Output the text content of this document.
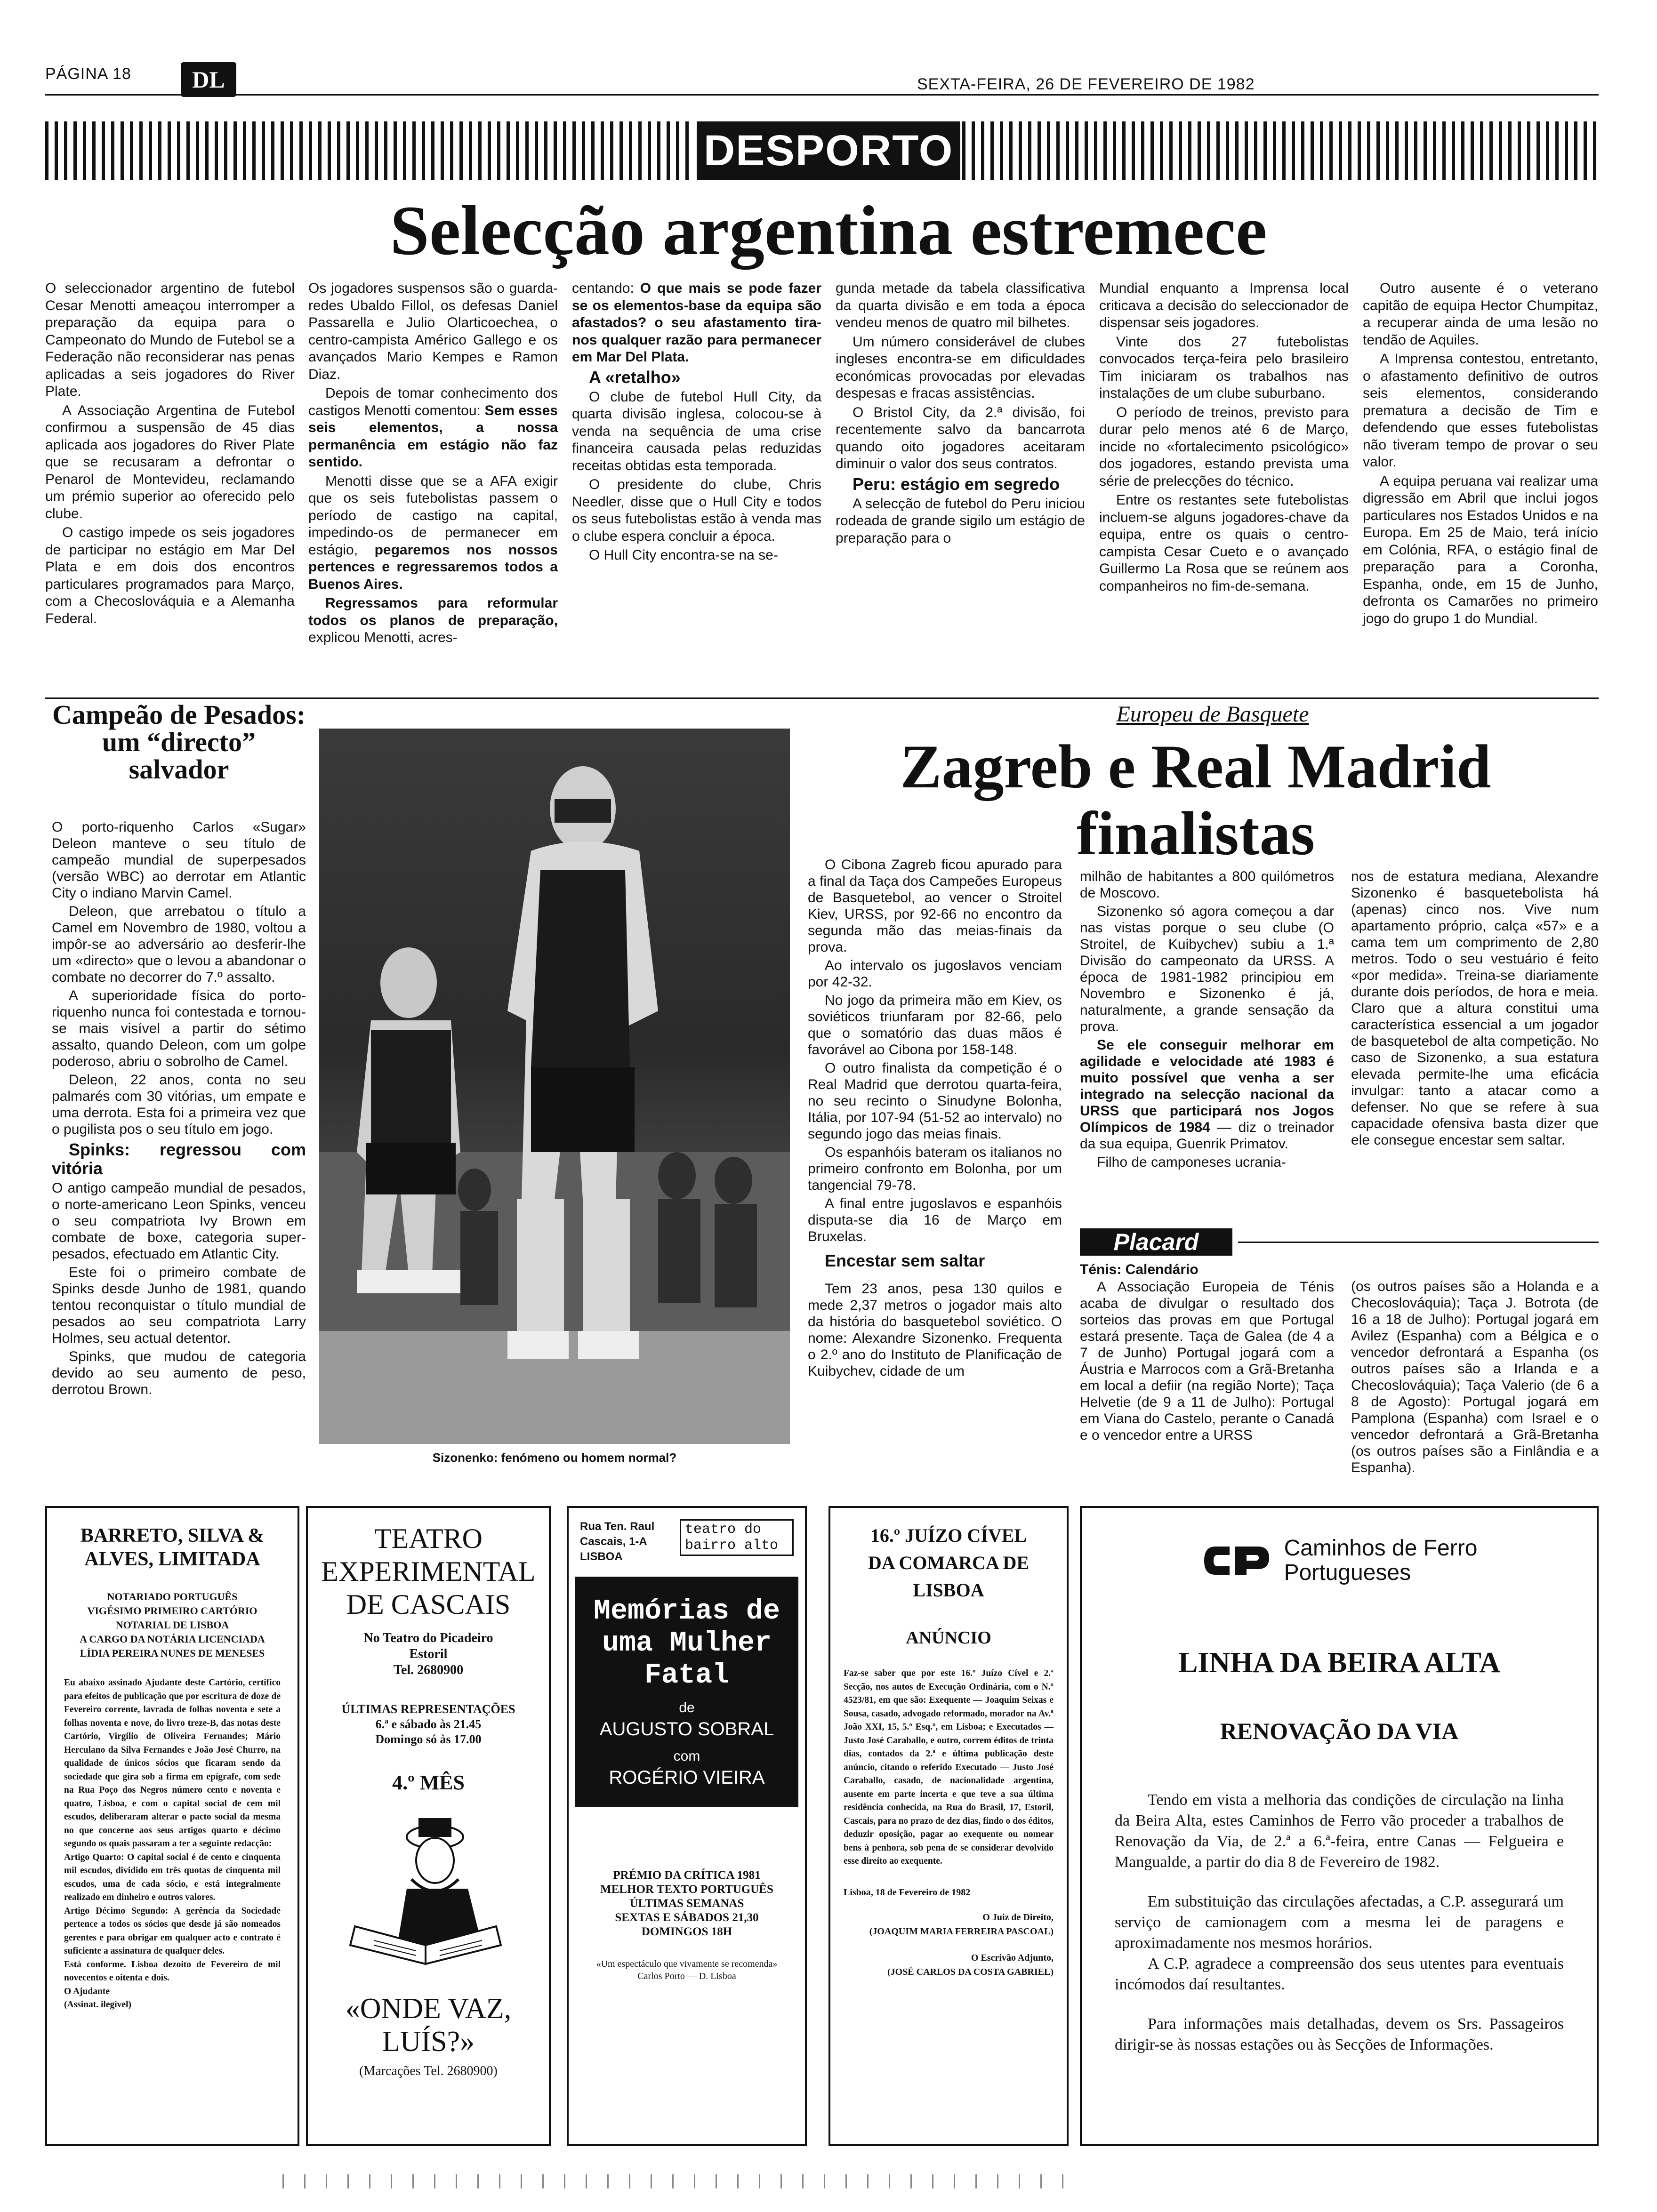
PÁGINA 18	DL	SEXTA-FEIRA, 26 DE FEVEREIRO DE 1982
DESPORTO
Selecção argentina estremece

O seleccionador argentino de futebol Cesar Menotti ameaçou interromper a preparação da equipa para o Campeonato do Mundo de Futebol se a Federação não reconsiderar nas penas aplicadas a seis jogadores do River Plate.

A Associação Argentina de Futebol confirmou a suspensão de 45 dias aplicada aos jogadores do River Plate que se recusaram a defrontar o Penarol de Montevideu, reclamando um prémio superior ao oferecido pelo clube.

O castigo impede os seis jogadores de participar no estágio em Mar Del Plata e em dois dos encontros particulares programados para Março, com a Checoslováquia e a Alemanha Federal.

Os jogadores suspensos são o guarda-redes Ubaldo Fillol, os defesas Daniel Passarella e Julio Olarticoechea, o centro-campista Américo Gallego e os avançados Mario Kempes e Ramon Diaz.

Depois de tomar conhecimento dos castigos Menotti comentou: Sem esses seis elementos, a nossa permanência em estágio não faz sentido.

Menotti disse que se a AFA exigir que os seis futebolistas passem o período de castigo na capital, impedindo-os de permanecer em estágio, pegaremos nos nossos pertences e regressaremos todos a Buenos Aires.

Regressamos para reformular todos os planos de preparação, explicou Menotti, acres-

centando: O que mais se pode fazer se os elementos-base da equipa são afastados? o seu afastamento tira-nos qualquer razão para permanecer em Mar Del Plata.

A «retalho»

O clube de futebol Hull City, da quarta divisão inglesa, colocou-se à venda na sequência de uma crise financeira causada pelas reduzidas receitas obtidas esta temporada.

O presidente do clube, Chris Needler, disse que o Hull City e todos os seus futebolistas estão à venda mas o clube espera concluir a época.

O Hull City encontra-se na se-

gunda metade da tabela classificativa da quarta divisão e em toda a época vendeu menos de quatro mil bilhetes.

Um número considerável de clubes ingleses encontra-se em dificuldades económicas provocadas por elevadas despesas e fracas assistências.

O Bristol City, da 2.ª divisão, foi recentemente salvo da bancarrota quando oito jogadores aceitaram diminuir o valor dos seus contratos.

Peru: estágio em segredo

A selecção de futebol do Peru iniciou rodeada de grande sigilo um estágio de preparação para o

Mundial enquanto a Imprensa local criticava a decisão do seleccionador de dispensar seis jogadores.

Vinte dos 27 futebolistas convocados terça-feira pelo brasileiro Tim iniciaram os trabalhos nas instalações de um clube suburbano.

O período de treinos, previsto para durar pelo menos até 6 de Março, incide no «fortalecimento psicológico» dos jogadores, estando prevista uma série de prelecções do técnico.

Entre os restantes sete futebolistas incluem-se alguns jogadores-chave da equipa, entre os quais o centro-campista Cesar Cueto e o avançado Guillermo La Rosa que se reúnem aos companheiros no fim-de-semana.

Outro ausente é o veterano capitão de equipa Hector Chumpitaz, a recuperar ainda de uma lesão no tendão de Aquiles.

A Imprensa contestou, entretanto, o afastamento definitivo de outros seis elementos, considerando prematura a decisão de Tim e defendendo que esses futebolistas não tiveram tempo de provar o seu valor.

A equipa peruana vai realizar uma digressão em Abril que inclui jogos particulares nos Estados Unidos e na Europa. Em 25 de Maio, terá início em Colónia, RFA, o estágio final de preparação para a Coronha, Espanha, onde, em 15 de Junho, defronta os Camarões no primeiro jogo do grupo 1 do Mundial.

Campeão de Pesados: um “directo” salvador

O porto-riquenho Carlos «Sugar» Deleon manteve o seu título de campeão mundial de superpesados (versão WBC) ao derrotar em Atlantic City o indiano Marvin Camel.

Deleon, que arrebatou o título a Camel em Novembro de 1980, voltou a impôr-se ao adversário ao desferir-lhe um «directo» que o levou a abandonar o combate no decorrer do 7.º assalto.

A superioridade física do porto-riquenho nunca foi contestada e tornou-se mais visível a partir do sétimo assalto, quando Deleon, com um golpe poderoso, abriu o sobrolho de Camel.

Deleon, 22 anos, conta no seu palmarés com 30 vitórias, um empate e uma derrota. Esta foi a primeira vez que o pugilista pos o seu título em jogo.

Spinks: regressou com vitória

O antigo campeão mundial de pesados, o norte-americano Leon Spinks, venceu o seu compatriota Ivy Brown em combate de boxe, categoria super-pesados, efectuado em Atlantic City.

Este foi o primeiro combate de Spinks desde Junho de 1981, quando tentou reconquistar o título mundial de pesados ao seu compatriota Larry Holmes, seu actual detentor.

Spinks, que mudou de categoria devido ao seu aumento de peso, derrotou Brown.

Sizonenko: fenómeno ou homem normal?
Europeu de Basquete
Zagreb e Real Madrid finalistas

O Cibona Zagreb ficou apurado para a final da Taça dos Campeões Europeus de Basquetebol, ao vencer o Stroitel Kiev, URSS, por 92-66 no encontro da segunda mão das meias-finais da prova.

Ao intervalo os jugoslavos venciam por 42-32.

No jogo da primeira mão em Kiev, os soviéticos triunfaram por 82-66, pelo que o somatório das duas mãos é favorável ao Cibona por 158-148.

O outro finalista da competição é o Real Madrid que derrotou quarta-feira, no seu recinto o Sinudyne Bolonha, Itália, por 107-94 (51-52 ao intervalo) no segundo jogo das meias finais.

Os espanhóis bateram os italianos no primeiro confronto em Bolonha, por um tangencial 79-78.

A final entre jugoslavos e espanhóis disputa-se dia 16 de Março em Bruxelas.

Encestar sem saltar

Tem 23 anos, pesa 130 quilos e mede 2,37 metros o jogador mais alto da história do basquetebol soviético. O nome: Alexandre Sizonenko. Frequenta o 2.º ano do Instituto de Planificação de Kuibychev, cidade de um

milhão de habitantes a 800 quilómetros de Moscovo.

Sizonenko só agora começou a dar nas vistas porque o seu clube (O Stroitel, de Kuibychev) subiu a 1.ª Divisão do campeonato da URSS. A época de 1981-1982 principiou em Novembro e Sizonenko é já, naturalmente, a grande sensação da prova.

Se ele conseguir melhorar em agilidade e velocidade até 1983 é muito possível que venha a ser integrado na selecção nacional da URSS que participará nos Jogos Olímpicos de 1984 — diz o treinador da sua equipa, Guenrik Primatov.

Filho de camponeses ucrania-

nos de estatura mediana, Alexandre Sizonenko é basquetebolista há (apenas) cinco nos. Vive num apartamento próprio, calça «57» e a cama tem um comprimento de 2,80 metros. Todo o seu vestuário é feito «por medida». Treina-se diariamente durante dois períodos, de hora e meia. Claro que a altura constitui uma característica essencial a um jogador de basquetebol de alta competição. No caso de Sizonenko, a sua estatura elevada permite-lhe uma eficácia invulgar: tanto a atacar como a defenser. No que se refere à sua capacidade ofensiva basta dizer que ele consegue encestar sem saltar.

Placard

Ténis: Calendário

A Associação Europeia de Ténis acaba de divulgar o resultado dos sorteios das provas em que Portugal estará presente. Taça de Galea (de 4 a 7 de Junho) Portugal jogará com a Áustria e Marrocos com a Grã-Bretanha em local a defiir (na região Norte); Taça Helvetie (de 9 a 11 de Julho): Portugal em Viana do Castelo, perante o Canadá e o vencedor entre a URSS

(os outros países são a Holanda e a Checoslováquia); Taça J. Botrota (de 16 a 18 de Julho): Portugal jogará em Avilez (Espanha) com a Bélgica e o vencedor defrontará a Espanha (os outros países são a Irlanda e a Checoslováquia); Taça Valerio (de 6 a 8 de Agosto): Portugal jogará em Pamplona (Espanha) com Israel e o vencedor defrontará a Grã-Bretanha (os outros países são a Finlândia e a Espanha).

BARRETO, SILVA & ALVES, LIMITADA
NOTARIADO PORTUGUÊS
VIGÉSIMO PRIMEIRO CARTÓRIO NOTARIAL DE LISBOA
A CARGO DA NOTÁRIA LICENCIADA LÍDIA PEREIRA NUNES DE MENESES
Eu abaixo assinado Ajudante deste Cartório, certifico para efeitos de publicação que por escritura de doze de Fevereiro corrente, lavrada de folhas noventa e sete a folhas noventa e nove, do livro treze-B, das notas deste Cartório, Virgilio de Oliveira Fernandes; Mário Herculano da Silva Fernandes e João José Churro, na qualidade de únicos sócios que ficaram sendo da sociedade que gira sob a firma em epígrafe, com sede na Rua Poço dos Negros número cento e noventa e quatro, Lisboa, e com o capital social de cem mil escudos, deliberaram alterar o pacto social da mesma no que concerne aos seus artigos quarto e décimo segundo os quais passaram a ter a seguinte redacção:
Artigo Quarto: O capital social é de cento e cinquenta mil escudos, dividido em três quotas de cinquenta mil escudos, uma de cada sócio, e está integralmente realizado em dinheiro e outros valores.
Artigo Décimo Segundo: A gerência da Sociedade pertence a todos os sócios que desde já são nomeados gerentes e para obrigar em qualquer acto e contrato é suficiente a assinatura de qualquer deles.
Está conforme. Lisboa dezoito de Fevereiro de mil novecentos e oitenta e dois.
O Ajudante
(Assinat. ilegível)
TEATRO EXPERIMENTAL DE CASCAIS
No Teatro do Picadeiro
Estoril
Tel. 2680900
ÚLTIMAS REPRESENTAÇÕES
6.ª e sábado às 21.45
Domingo só às 17.00
4.º MÊS
«ONDE VAZ, LUÍS?»
(Marcações Tel. 2680900)
Rua Ten. Raul Cascais, 1-A LISBOA
teatro do bairro alto
Memórias de uma Mulher Fatal
de
AUGUSTO SOBRAL
com
ROGÉRIO VIEIRA
PRÉMIO DA CRÍTICA 1981
MELHOR TEXTO PORTUGUÊS
ÚLTIMAS SEMANAS
SEXTAS E SÁBADOS 21,30
DOMINGOS 18H
«Um espectáculo que vivamente se recomenda»
Carlos Porto — D. Lisboa
16.º JUÍZO CÍVEL DA COMARCA DE LISBOA
ANÚNCIO
Faz-se saber que por este 16.º Juízo Cível e 2.ª Secção, nos autos de Execução Ordinária, com o N.º 4523/81, em que são: Exequente — Joaquim Seixas e Sousa, casado, advogado reformado, morador na Av.ª João XXI, 15, 5.º Esq.º, em Lisboa; e Executados — Justo José Caraballo, e outro, correm éditos de trinta dias, contados da 2.ª e última publicação deste anúncio, citando o referido Executado — Justo José Caraballo, casado, de nacionalidade argentina, ausente em parte incerta e que teve a sua última residência conhecida, na Rua do Brasil, 17, Estoril, Cascais, para no prazo de dez dias, findo o dos éditos, deduzir oposição, pagar ao exequente ou nomear bens à penhora, sob pena de se considerar devolvido esse direito ao exequente.
Lisboa, 18 de Fevereiro de 1982
O Juiz de Direito,
(JOAQUIM MARIA FERREIRA PASCOAL)
O Escrivão Adjunto,
(JOSÉ CARLOS DA COSTA GABRIEL)
Caminhos de Ferro
Portugueses
LINHA DA BEIRA ALTA
RENOVAÇÃO DA VIA
Tendo em vista a melhoria das condições de circulação na linha da Beira Alta, estes Caminhos de Ferro vão proceder a trabalhos de Renovação da Via, de 2.ª a 6.ª-feira, entre Canas — Felgueira e Mangualde, a partir do dia 8 de Fevereiro de 1982.
Em substituição das circulações afectadas, a C.P. assegurará um serviço de camionagem com a mesma lei de paragens e aproximadamente nos mesmos horários.
A C.P. agradece a compreensão dos seus utentes para eventuais incómodos daí resultantes.
Para informações mais detalhadas, devem os Srs. Passageiros dirigir-se às nossas estações ou às Secções de Informações.
